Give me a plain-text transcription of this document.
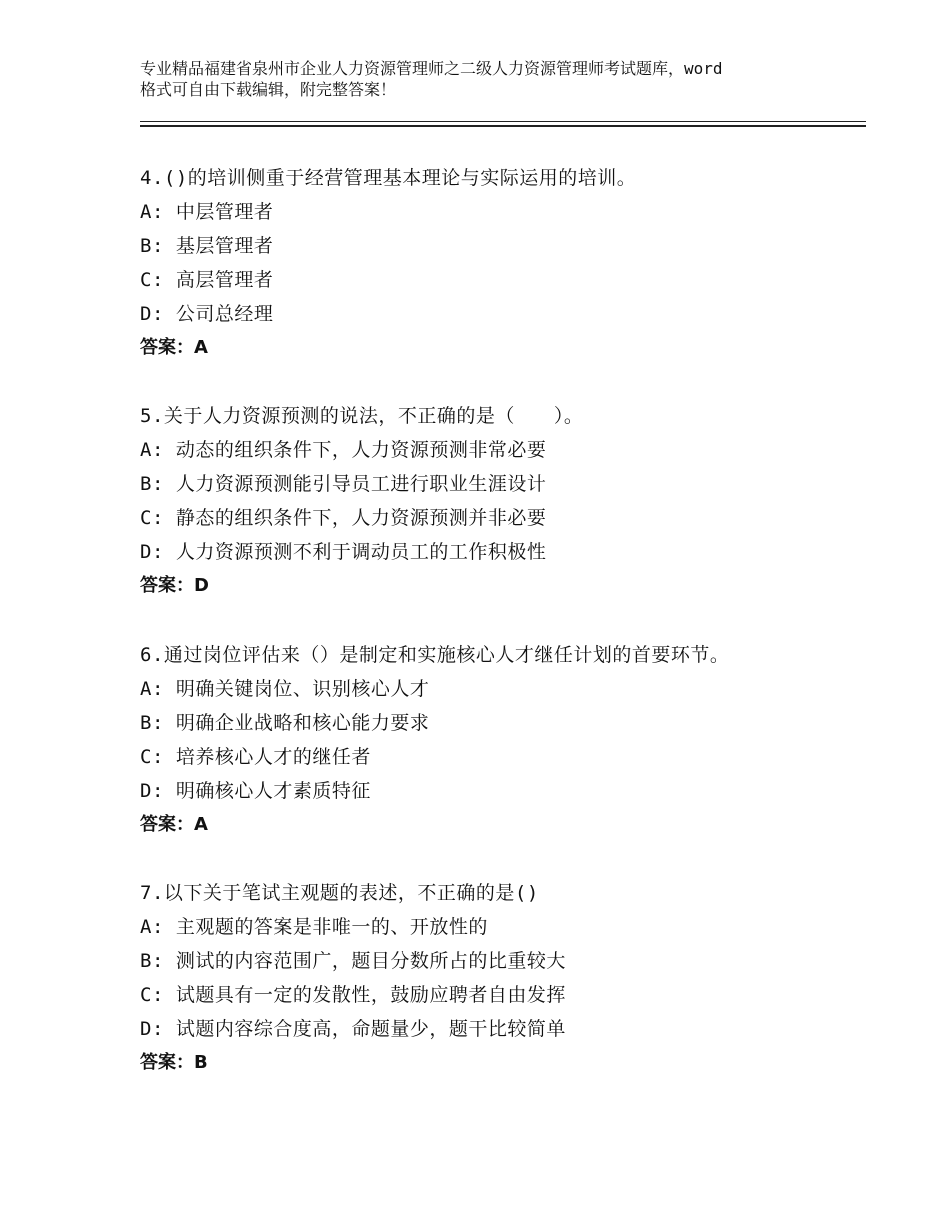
专业精品福建省泉州市企业人力资源管理师之二级人力资源管理师考试题库，word
格式可自由下载编辑，附完整答案！
4.()的培训侧重于经营管理基本理论与实际运用的培训。
A: 中层管理者
B: 基层管理者
C: 高层管理者
D: 公司总经理
答案：A
5.关于人力资源预测的说法，不正确的是（　　）。
A: 动态的组织条件下，人力资源预测非常必要
B: 人力资源预测能引导员工进行职业生涯设计
C: 静态的组织条件下，人力资源预测并非必要
D: 人力资源预测不利于调动员工的工作积极性
答案：D
6.通过岗位评估来（）是制定和实施核心人才继任计划的首要环节。
A: 明确关键岗位、识别核心人才
B: 明确企业战略和核心能力要求
C: 培养核心人才的继任者
D: 明确核心人才素质特征
答案：A
7.以下关于笔试主观题的表述，不正确的是()
A: 主观题的答案是非唯一的、开放性的
B: 测试的内容范围广，题目分数所占的比重较大
C: 试题具有一定的发散性，鼓励应聘者自由发挥
D: 试题内容综合度高，命题量少，题干比较简单
答案：B
